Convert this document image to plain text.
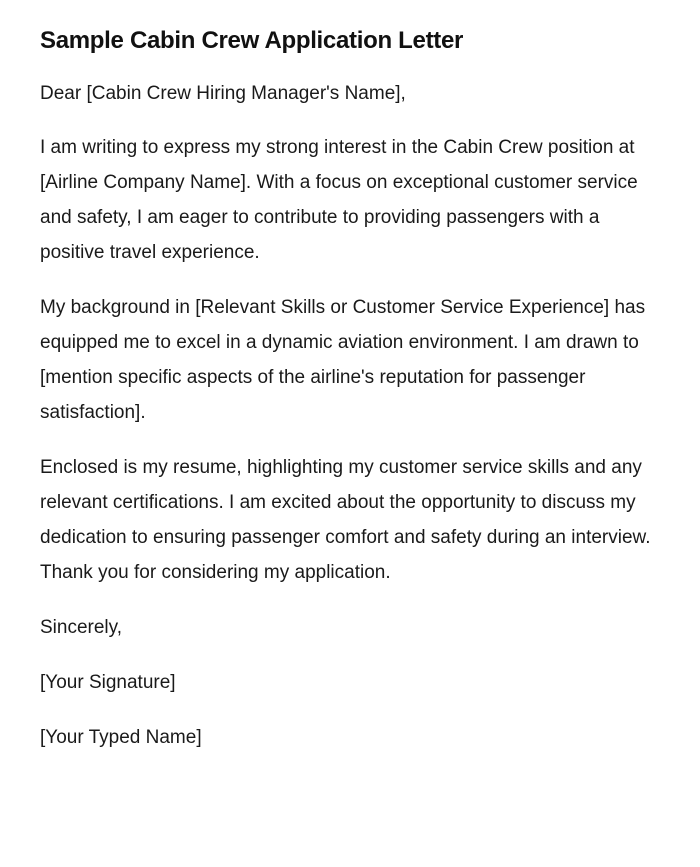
Sample Cabin Crew Application Letter

Dear [Cabin Crew Hiring Manager's Name],

I am writing to express my strong interest in the Cabin Crew position at [Airline Company Name]. With a focus on exceptional customer service and safety, I am eager to contribute to providing passengers with a positive travel experience.

My background in [Relevant Skills or Customer Service Experience] has equipped me to excel in a dynamic aviation environment. I am drawn to [mention specific aspects of the airline's reputation for passenger satisfaction].

Enclosed is my resume, highlighting my customer service skills and any relevant certifications. I am excited about the opportunity to discuss my dedication to ensuring passenger comfort and safety during an interview. Thank you for considering my application.

Sincerely,

[Your Signature]

[Your Typed Name]
